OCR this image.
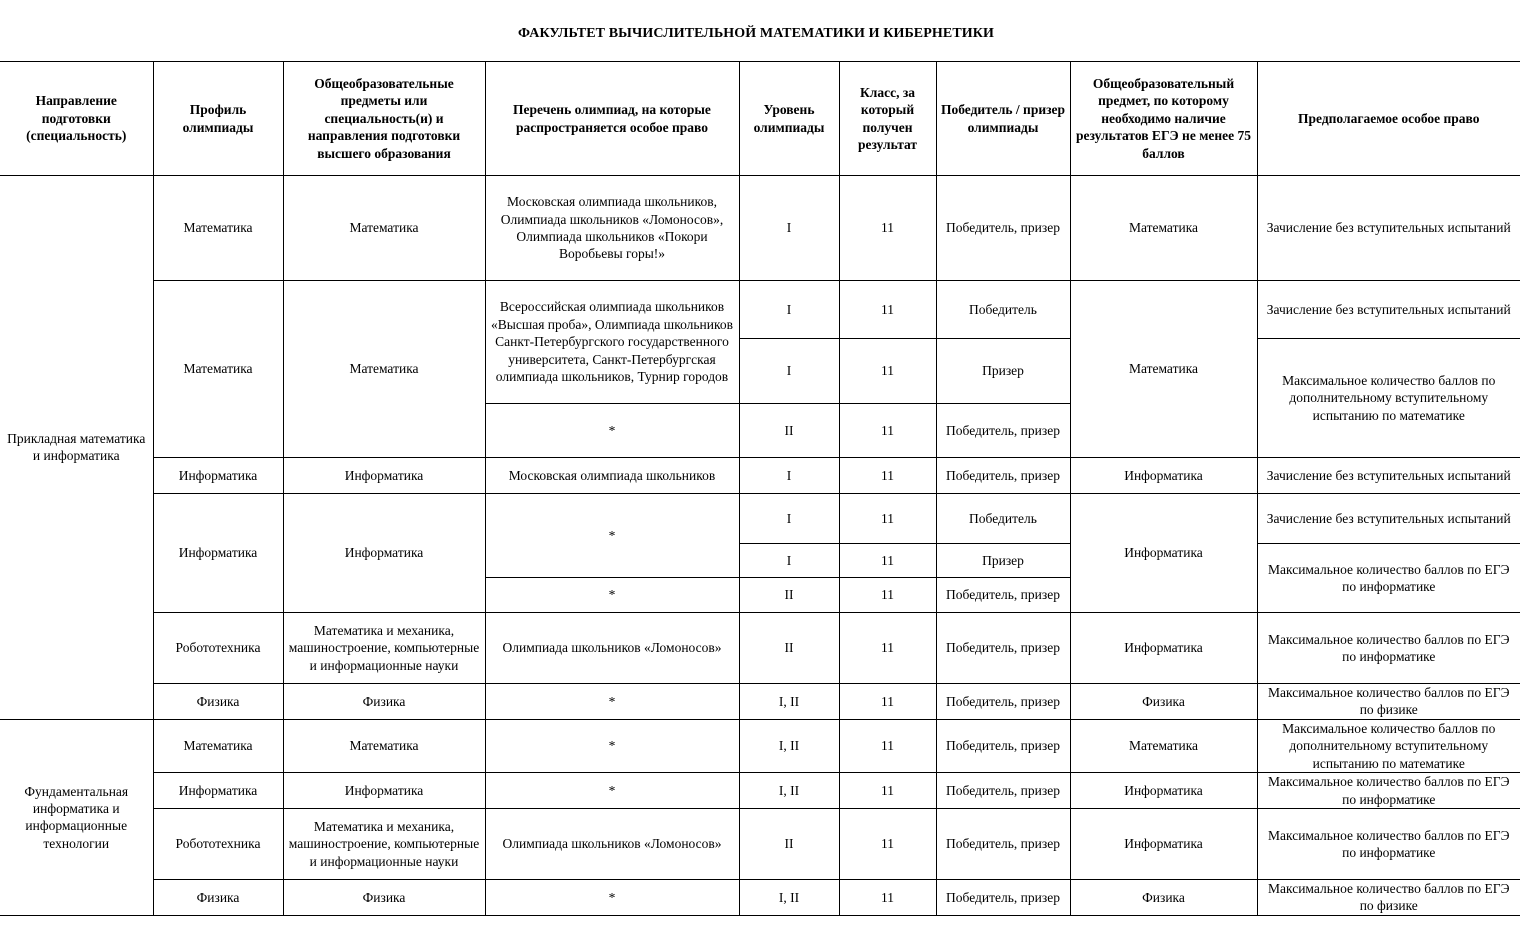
ФАКУЛЬТЕТ ВЫЧИСЛИТЕЛЬНОЙ МАТЕМАТИКИ И КИБЕРНЕТИКИ
Направление подготовки (специальность)	Профиль олимпиады	Общеобразовательные предметы или специальность(и) и направления подготовки высшего образования	Перечень олимпиад, на которые распространяется особое право	Уровень олимпиады	Класс, за который получен результат	Победитель / призер олимпиады	Общеобразовательный предмет, по которому необходимо наличие результатов ЕГЭ не менее 75 баллов	Предполагаемое особое право
Прикладная математика и информатика	Математика	Математика	Московская олимпиада школьников, Олимпиада школьников «Ломоносов», Олимпиада школьников «Покори Воробьевы горы!»	I	11	Победитель, призер	Математика	Зачисление без вступительных испытаний
	Математика	Математика	Всероссийская олимпиада школьников «Высшая проба», Олимпиада школьников Санкт-Петербургского государственного университета, Санкт-Петербургская олимпиада школьников, Турнир городов	I	11	Победитель	Математика	Зачисление без вступительных испытаний
				I	11	Призер		Максимальное количество баллов по дополнительному вступительному испытанию по математике
			*	II	11	Победитель, призер		
	Информатика	Информатика	Московская олимпиада школьников	I	11	Победитель, призер	Информатика	Зачисление без вступительных испытаний
	Информатика	Информатика	*	I	11	Победитель	Информатика	Зачисление без вступительных испытаний
				I	11	Призер		Максимальное количество баллов по ЕГЭ по информатике
			*	II	11	Победитель, призер		
	Робототехника	Математика и механика, машиностроение, компьютерные и информационные науки	Олимпиада школьников «Ломоносов»	II	11	Победитель, призер	Информатика	Максимальное количество баллов по ЕГЭ по информатике
	Физика	Физика	*	I, II	11	Победитель, призер	Физика	Максимальное количество баллов по ЕГЭ по физике
Фундаментальная информатика и информационные технологии	Математика	Математика	*	I, II	11	Победитель, призер	Математика	Максимальное количество баллов по дополнительному вступительному испытанию по математике
	Информатика	Информатика	*	I, II	11	Победитель, призер	Информатика	Максимальное количество баллов по ЕГЭ по информатике
	Робототехника	Математика и механика, машиностроение, компьютерные и информационные науки	Олимпиада школьников «Ломоносов»	II	11	Победитель, призер	Информатика	Максимальное количество баллов по ЕГЭ по информатике
	Физика	Физика	*	I, II	11	Победитель, призер	Физика	Максимальное количество баллов по ЕГЭ по физике
